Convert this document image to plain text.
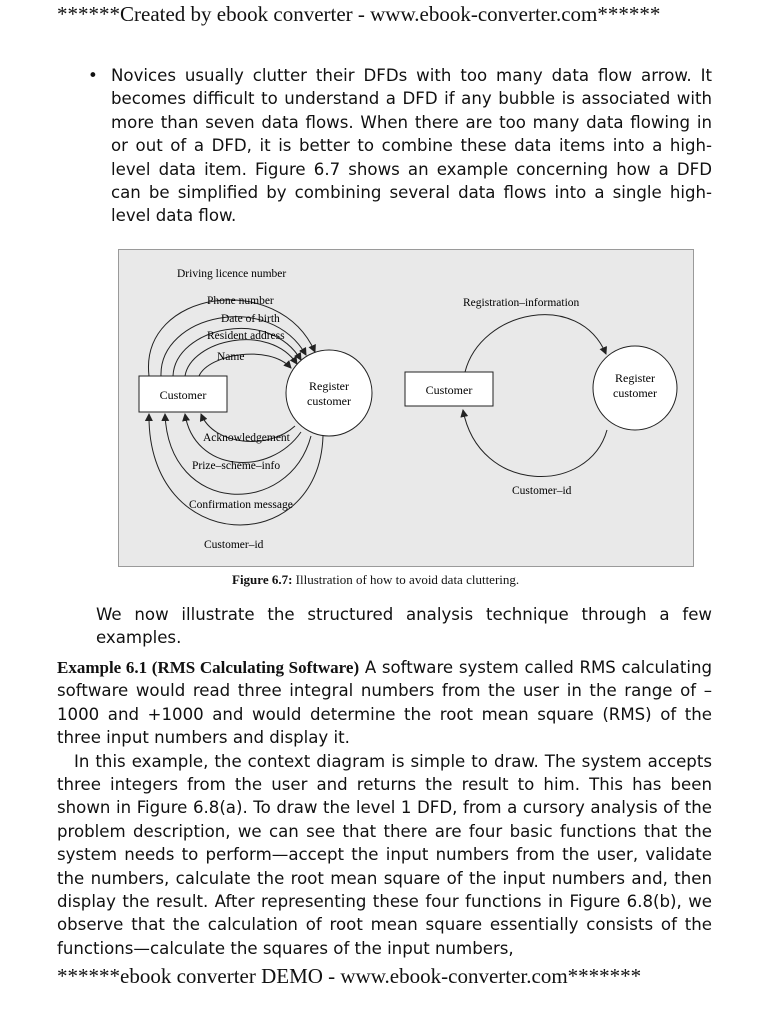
******Created by ebook converter - www.ebook-converter.com******
• Novices usually clutter their DFDs with too many data flow arrow. It becomes difficult to understand a DFD if any bubble is associated with more than seven data flows. When there are too many data flowing in or out of a DFD, it is better to combine these data items into a high-level data item. Figure 6.7 shows an example concerning how a DFD can be simplified by combining several data flows into a single high-level data flow.
Customer
Register
customer
Driving licence number
Phone number
Date of birth
Resident address
Name
Acknowledgement
Prize–scheme–info
Confirmation message
Customer–id
Customer
Register
customer
Registration–information
Customer–id
Figure 6.7: Illustration of how to avoid data cluttering.
We now illustrate the structured analysis technique through a few examples.

Example 6.1 (RMS Calculating Software) A software system called RMS calculating software would read three integral numbers from the user in the range of –1000 and +1000 and would determine the root mean square (RMS) of the three input numbers and display it.

In this example, the context diagram is simple to draw. The system accepts three integers from the user and returns the result to him. This has been shown in Figure 6.8(a). To draw the level 1 DFD, from a cursory analysis of the problem description, we can see that there are four basic functions that the system needs to perform—accept the input numbers from the user, validate the numbers, calculate the root mean square of the input numbers and, then display the result. After representing these four functions in Figure 6.8(b), we observe that the calculation of root mean square essentially consists of the functions—calculate the squares of the input numbers,

******ebook converter DEMO - www.ebook-converter.com*******
